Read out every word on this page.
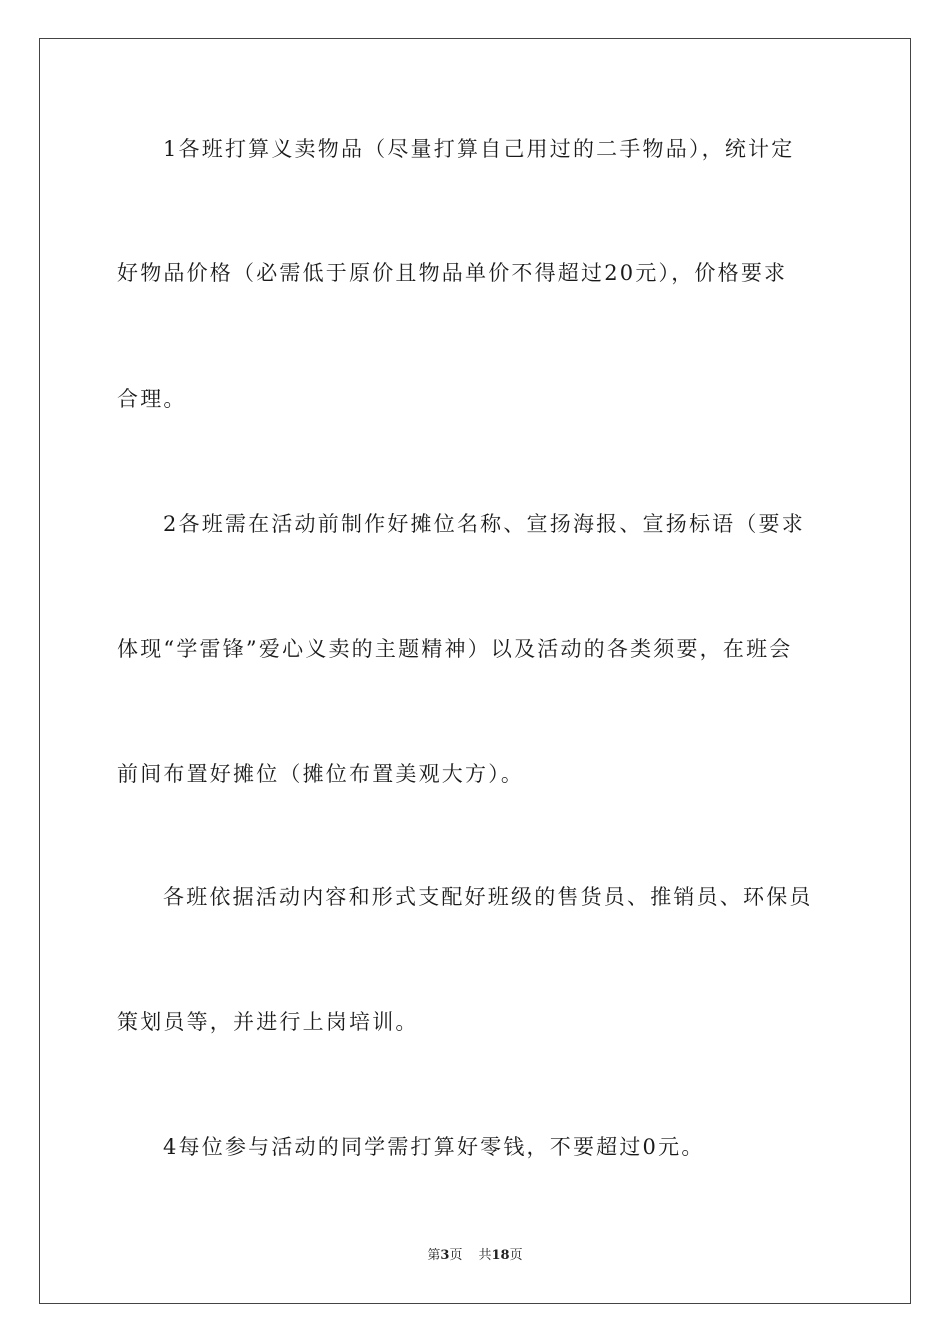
1各班打算义卖物品（尽量打算自己用过的二手物品），统计定
好物品价格（必需低于原价且物品单价不得超过20元），价格要求
合理。
2各班需在活动前制作好摊位名称、宣扬海报、宣扬标语（要求
体现“学雷锋”爱心义卖的主题精神）以及活动的各类须要，在班会
前间布置好摊位（摊位布置美观大方）。
各班依据活动内容和形式支配好班级的售货员、推销员、环保员
策划员等，并进行上岗培训。
4每位参与活动的同学需打算好零钱，不要超过0元。
第3页 共18页
